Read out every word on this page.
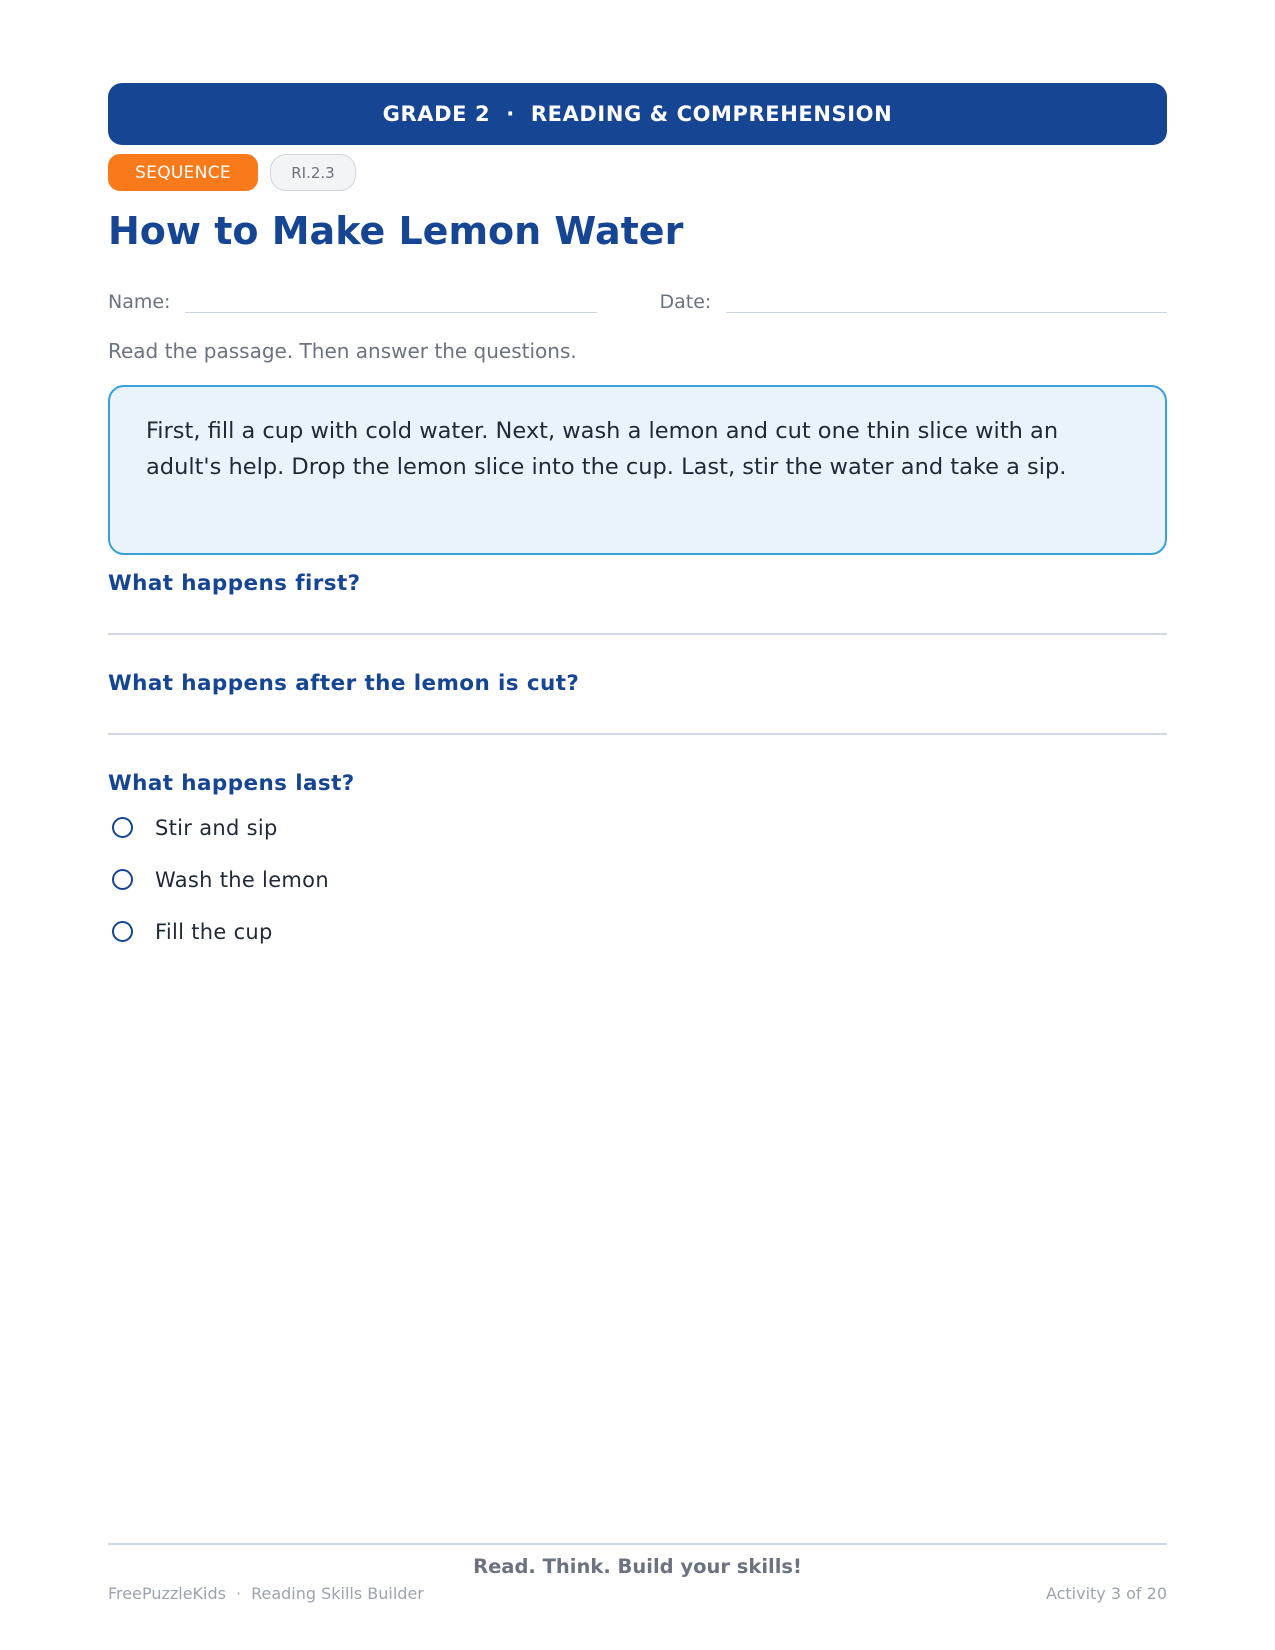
GRADE 2 · READING & COMPREHENSION
SEQUENCE	RI.2.3
How to Make Lemon Water
Name:	Date:
Read the passage. Then answer the questions.
First, fill a cup with cold water. Next, wash a lemon and cut one thin slice with an adult's help. Drop the lemon slice into the cup. Last, stir the water and take a sip.
What happens first?
What happens after the lemon is cut?
What happens last?
Stir and sip
Wash the lemon
Fill the cup
Read. Think. Build your skills!
FreePuzzleKids · Reading Skills Builder	Activity 3 of 20
